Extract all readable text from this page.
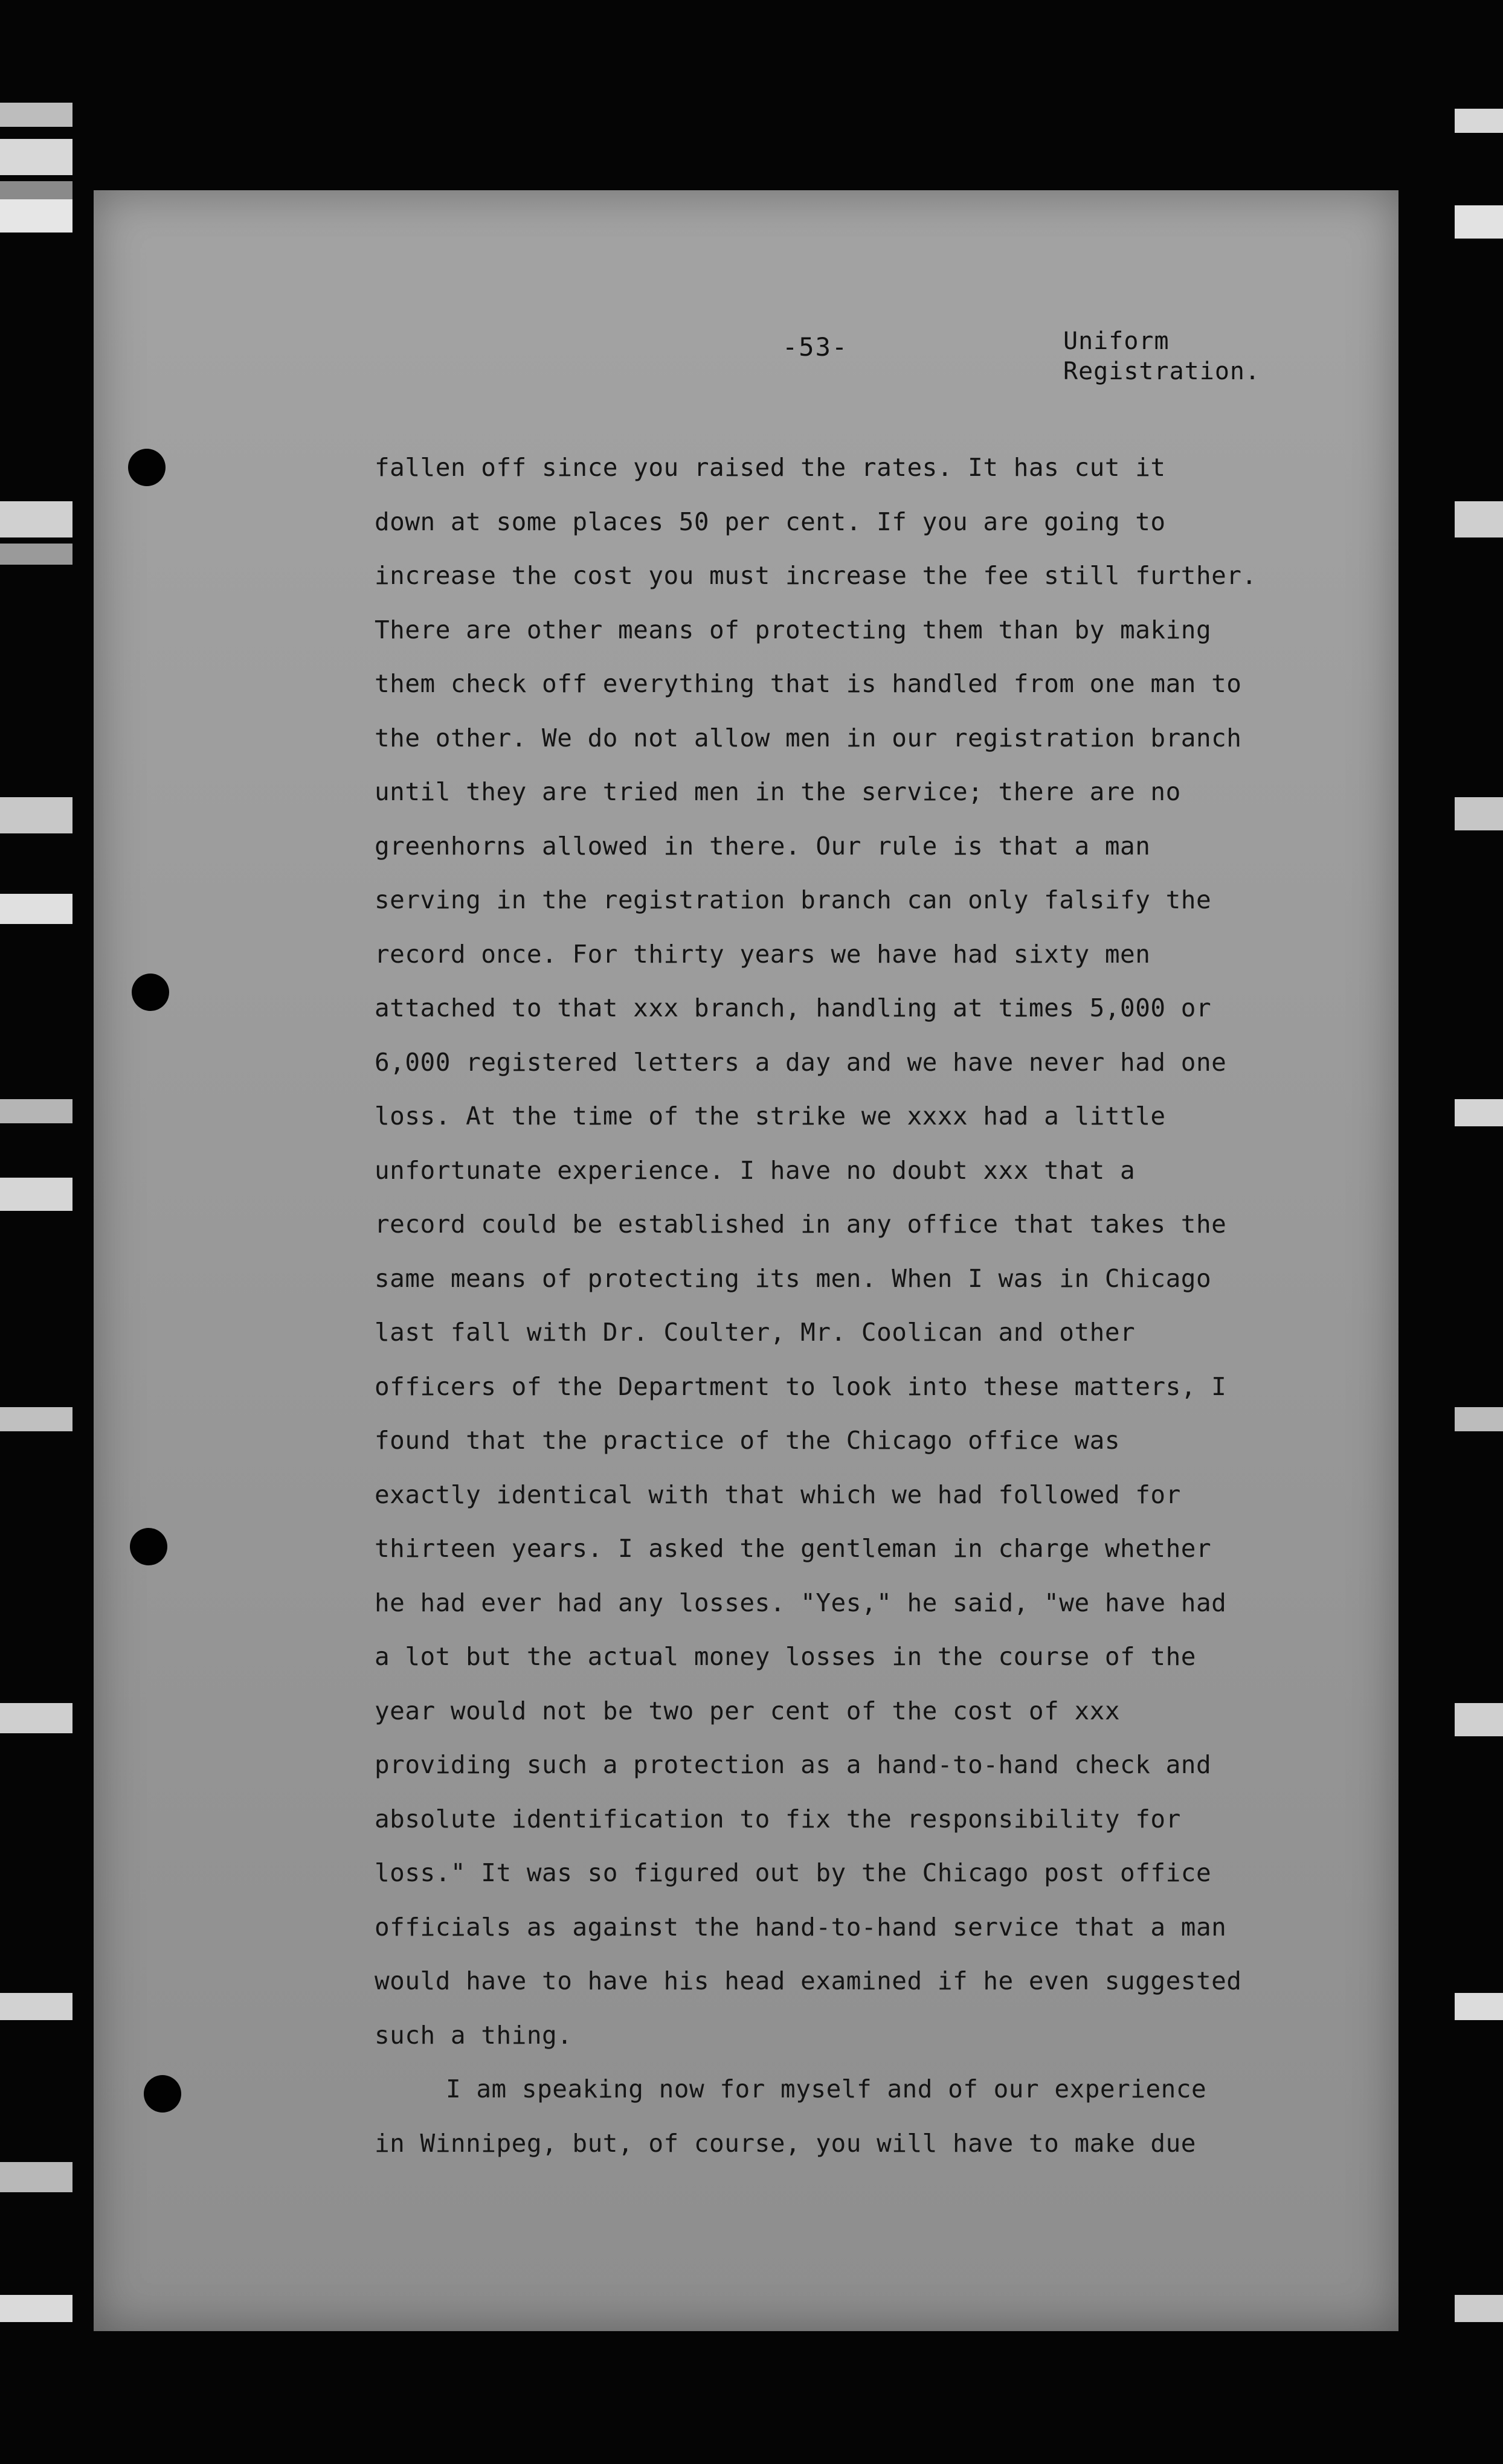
-53-	Uniform
Registration.
fallen off since you raised the rates. It has cut it
down at some places 50 per cent. If you are going to
increase the cost you must increase the fee still further.
There are other means of protecting them than by making
them check off everything that is handled from one man to
the other. We do not allow men in our registration branch
until they are tried men in the service; there are no
greenhorns allowed in there. Our rule is that a man
serving in the registration branch can only falsify the
record once. For thirty years we have had sixty men
attached to that xxx branch, handling at times 5,000 or
6,000 registered letters a day and we have never had one
loss. At the time of the strike we xxxx had a little
unfortunate experience. I have no doubt xxx that a
record could be established in any office that takes the
same means of protecting its men. When I was in Chicago
last fall with Dr. Coulter, Mr. Coolican and other
officers of the Department to look into these matters, I
found that the practice of the Chicago office was
exactly identical with that which we had followed for
thirteen years. I asked the gentleman in charge whether
he had ever had any losses. "Yes," he said, "we have had
a lot but the actual money losses in the course of the
year would not be two per cent of the cost of xxx
providing such a protection as a hand-to-hand check and
absolute identification to fix the responsibility for
loss." It was so figured out by the Chicago post office
officials as against the hand-to-hand service that a man
would have to have his head examined if he even suggested
such a thing.
I am speaking now for myself and of our experience
in Winnipeg, but, of course, you will have to make due
